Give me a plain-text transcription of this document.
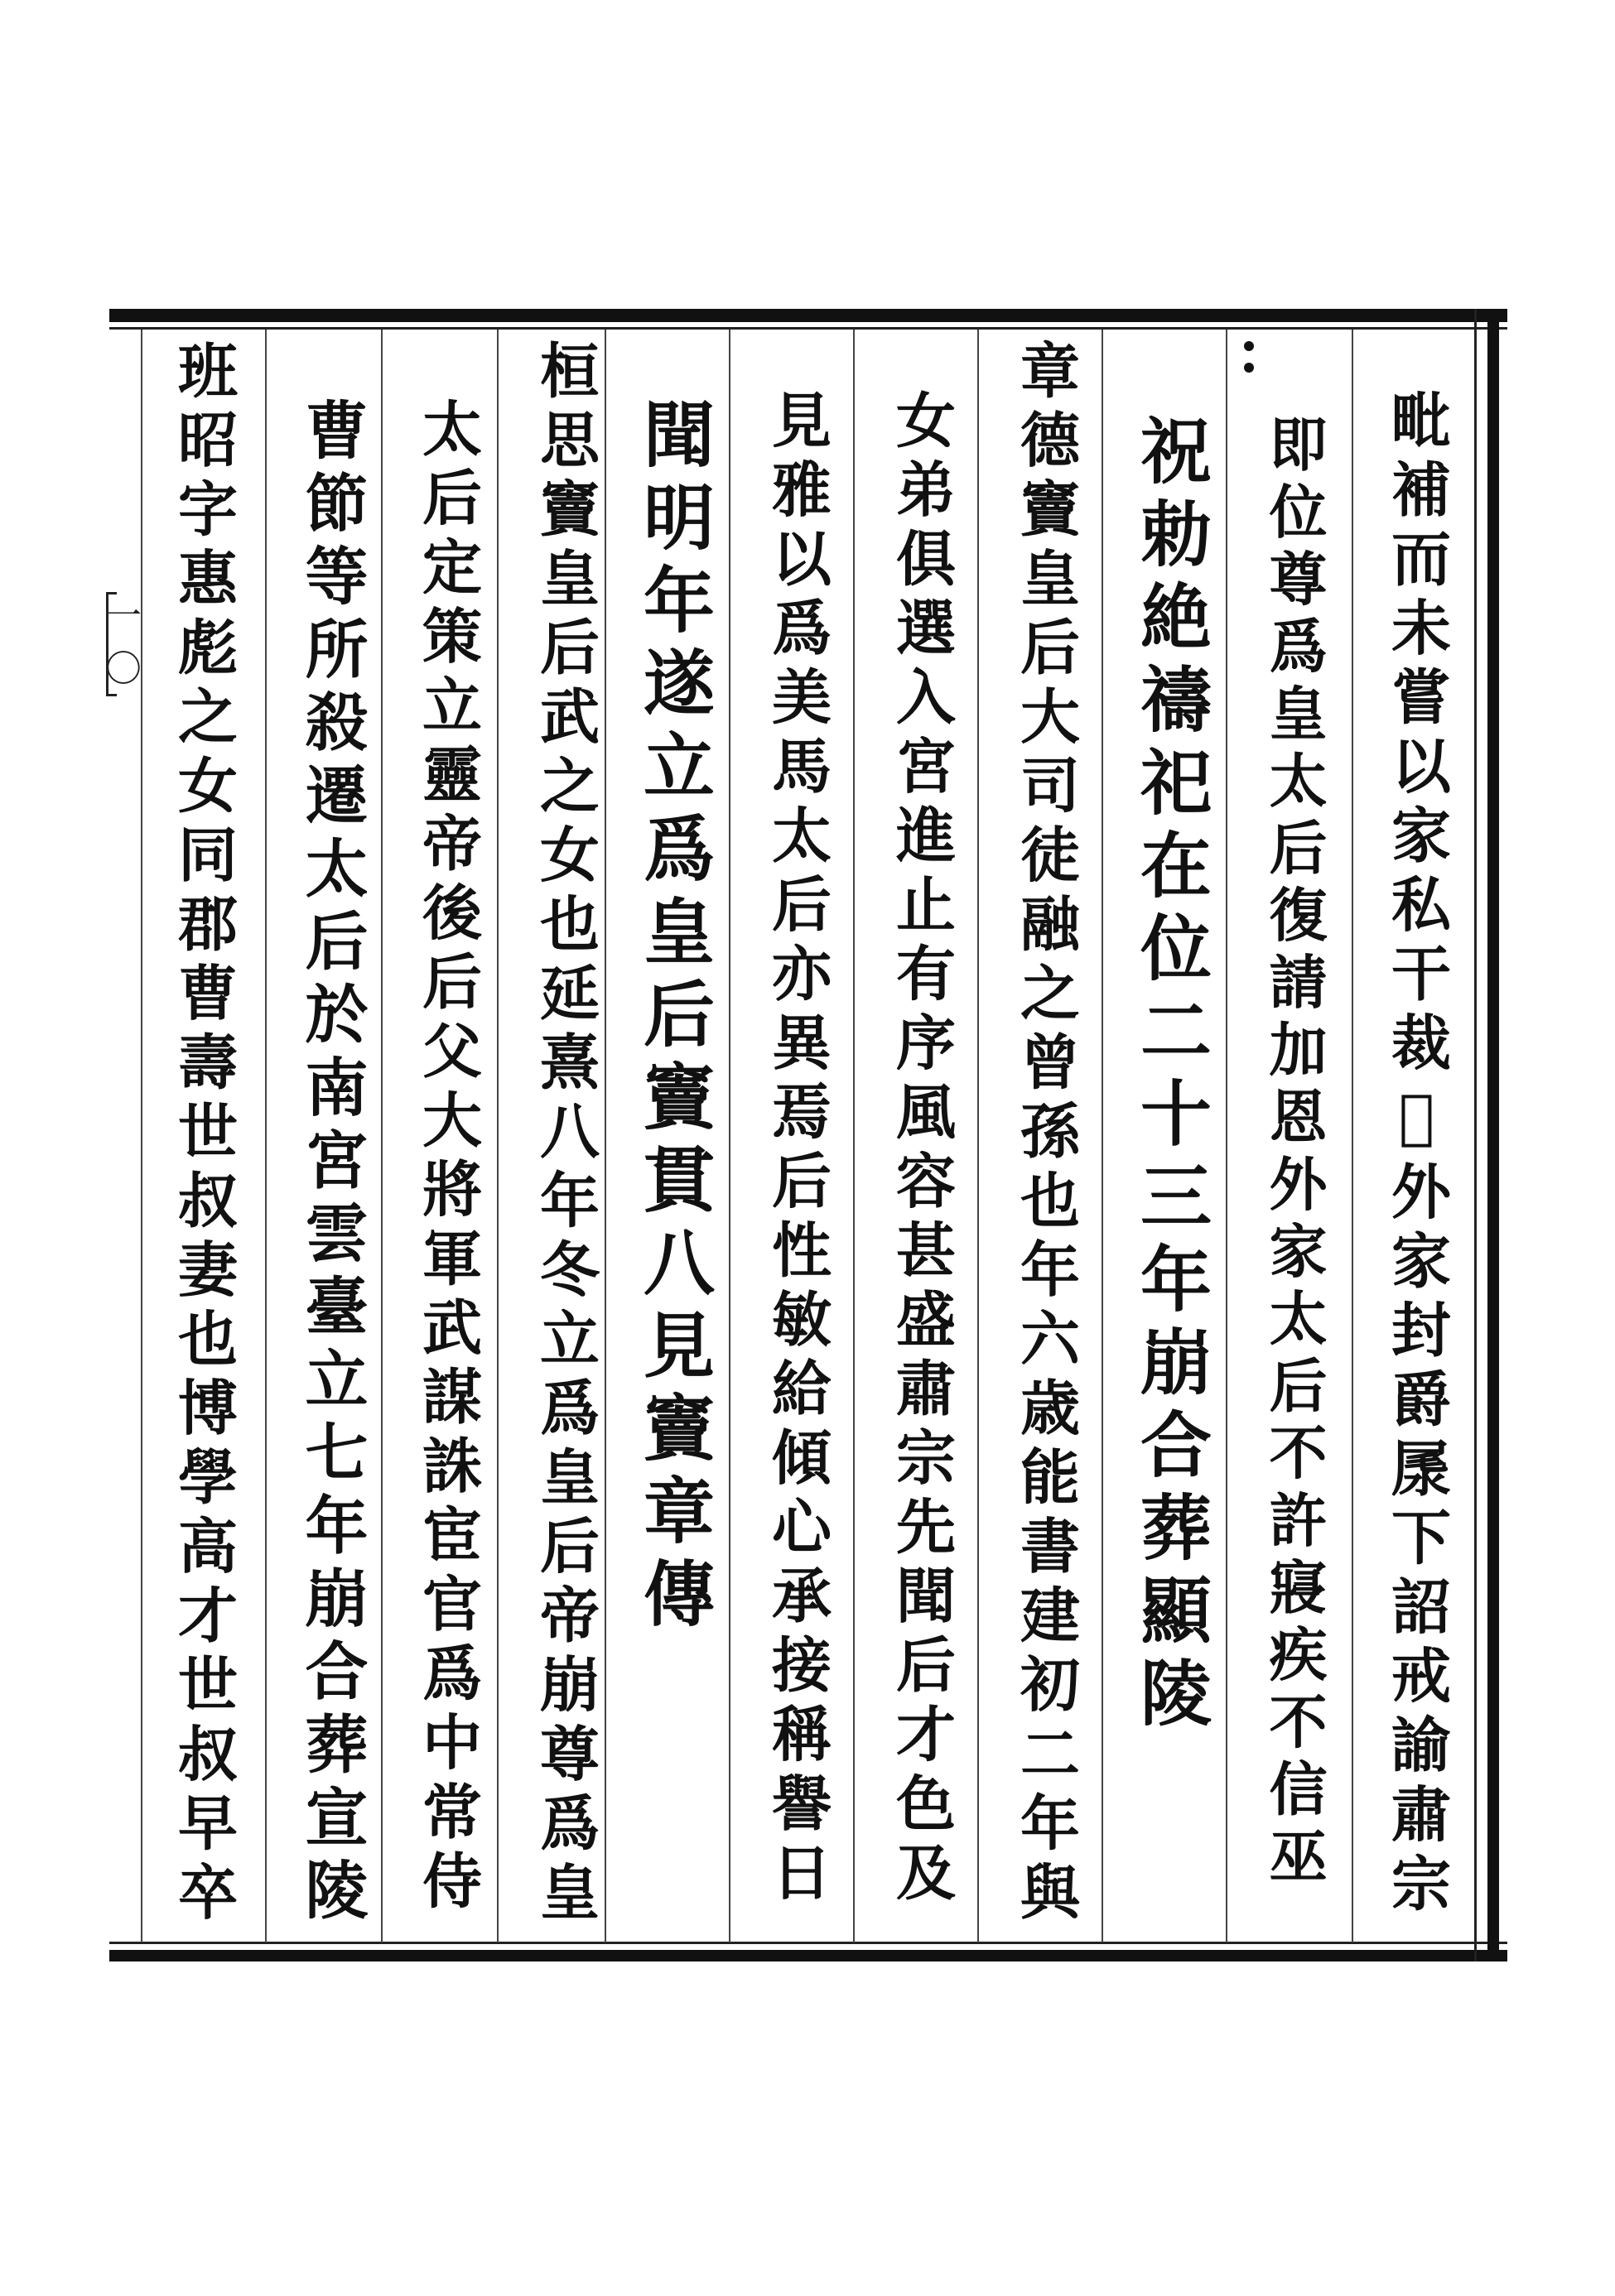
毗補而未嘗以家私干裁𢦤外家封爵㞙下詔戒諭肅宗
即位尊爲皇太后復請加恩外家太后不許寢疾不信巫
祝勅絶禱祀在位二十三年崩合葬顯陵
章德竇皇后大司徒融之曾孫也年六歳能書建初二年與
女弟俱選入宮進止有序風容甚盛肅宗先聞后才色及
見雅以爲美馬太后亦異焉后性敏給傾心承接稱譽日
聞明年遂立爲皇后竇貫八見竇章傳
桓思竇皇后武之女也延熹八年冬立爲皇后帝崩尊爲皇
太后定策立靈帝後后父大將軍武謀誅宦官爲中常侍
曹節等所殺遷太后於南宮雲臺立七年崩合葬宣陵
班昭字惠彪之女同郡曹壽世叔妻也博學高才世叔早卒
一〇
